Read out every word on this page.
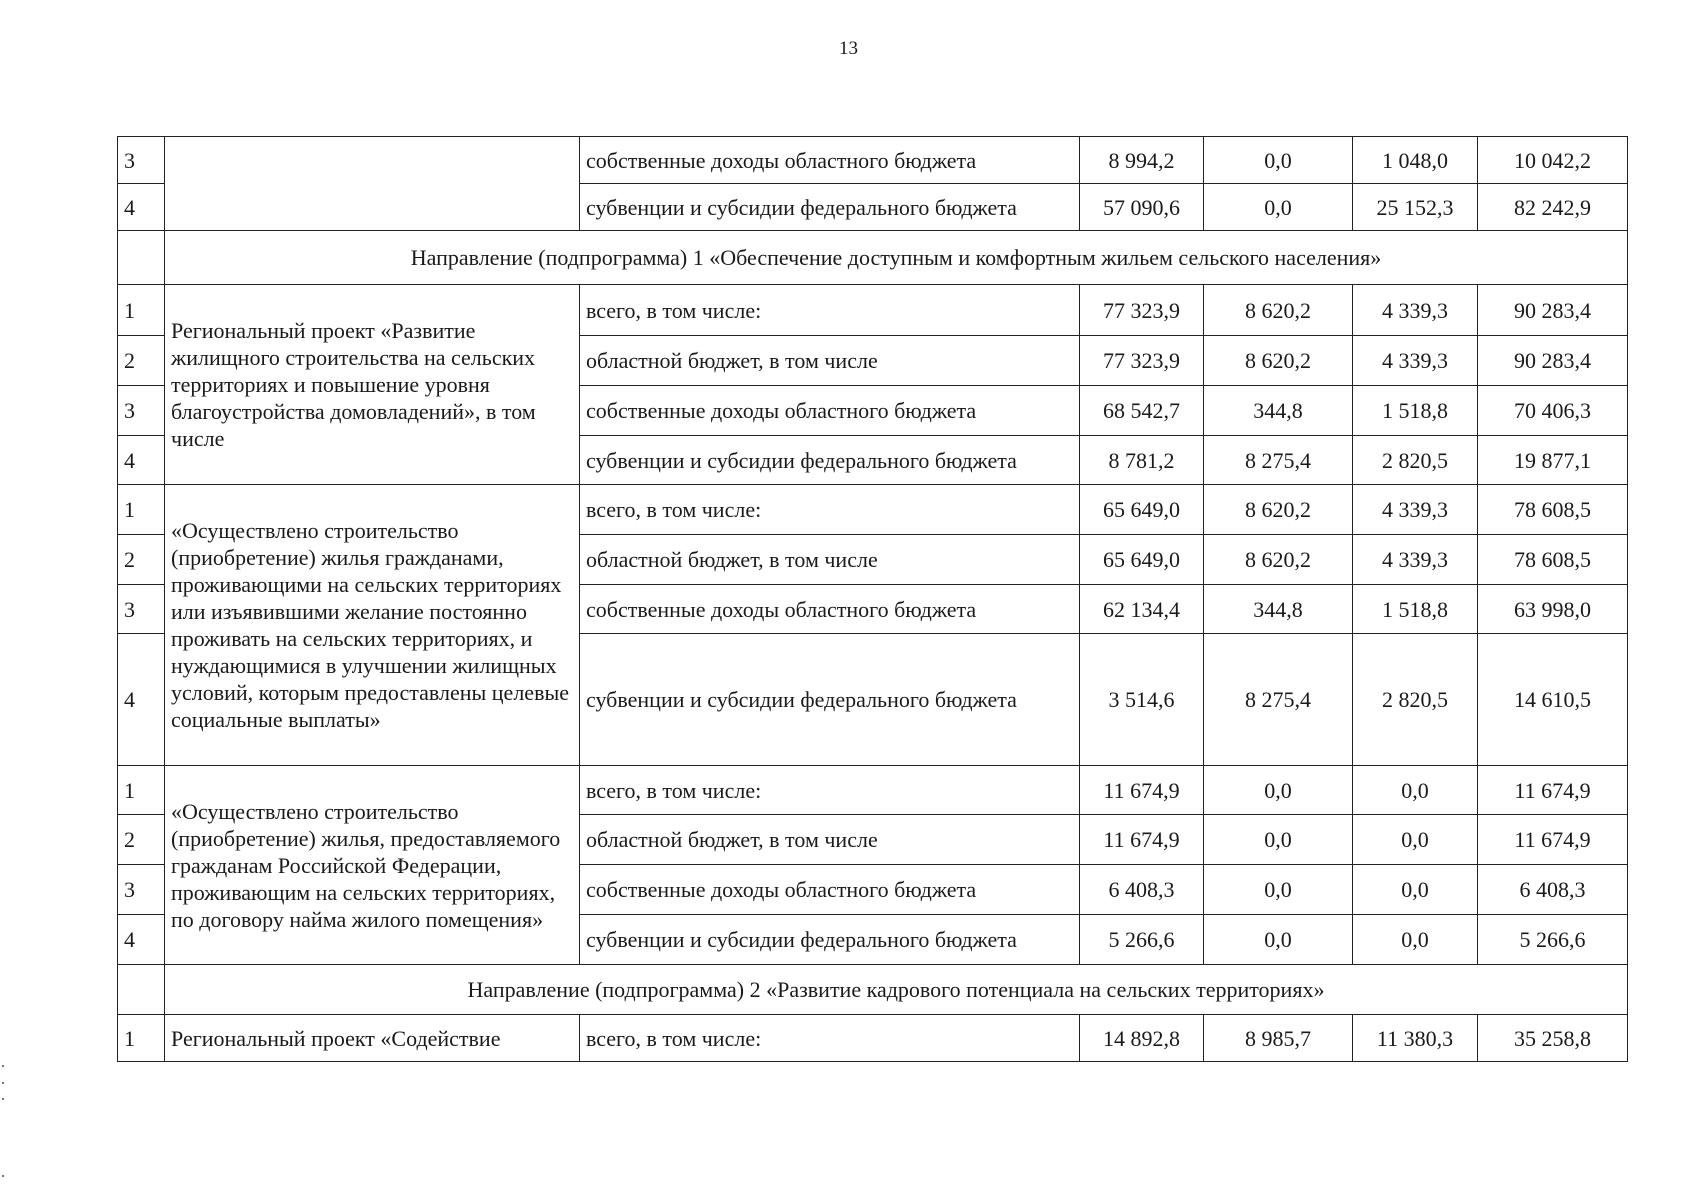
13
3		собственные доходы областного бюджета	8 994,2	0,0	1 048,0	10 042,2
4		субвенции и субсидии федерального бюджета	57 090,6	0,0	25 152,3	82 242,9
	Направление (подпрограмма) 1 «Обеспечение доступным и комфортным жильем сельского населения»					
1	Региональный проект «Развитие жилищного строительства на сельских территориях и повышение уровня благоустройства домовладений», в том числе	всего, в том числе:	77 323,9	8 620,2	4 339,3	90 283,4
2		областной бюджет, в том числе	77 323,9	8 620,2	4 339,3	90 283,4
3		собственные доходы областного бюджета	68 542,7	344,8	1 518,8	70 406,3
4		субвенции и субсидии федерального бюджета	8 781,2	8 275,4	2 820,5	19 877,1
1	«Осуществлено строительство (приобретение) жилья гражданами, проживающими на сельских территориях или изъявившими желание постоянно проживать на сельских территориях, и нуждающимися в улучшении жилищных условий, которым предоставлены целевые социальные выплаты»	всего, в том числе:	65 649,0	8 620,2	4 339,3	78 608,5
2		областной бюджет, в том числе	65 649,0	8 620,2	4 339,3	78 608,5
3		собственные доходы областного бюджета	62 134,4	344,8	1 518,8	63 998,0
4		субвенции и субсидии федерального бюджета	3 514,6	8 275,4	2 820,5	14 610,5
1	«Осуществлено строительство (приобретение) жилья, предоставляемого гражданам Российской Федерации, проживающим на сельских территориях, по договору найма жилого помещения»	всего, в том числе:	11 674,9	0,0	0,0	11 674,9
2		областной бюджет, в том числе	11 674,9	0,0	0,0	11 674,9
3		собственные доходы областного бюджета	6 408,3	0,0	0,0	6 408,3
4		субвенции и субсидии федерального бюджета	5 266,6	0,0	0,0	5 266,6
	Направление (подпрограмма) 2 «Развитие кадрового потенциала на сельских территориях»					
1	Региональный проект «Содействие	всего, в том числе:	14 892,8	8 985,7	11 380,3	35 258,8
